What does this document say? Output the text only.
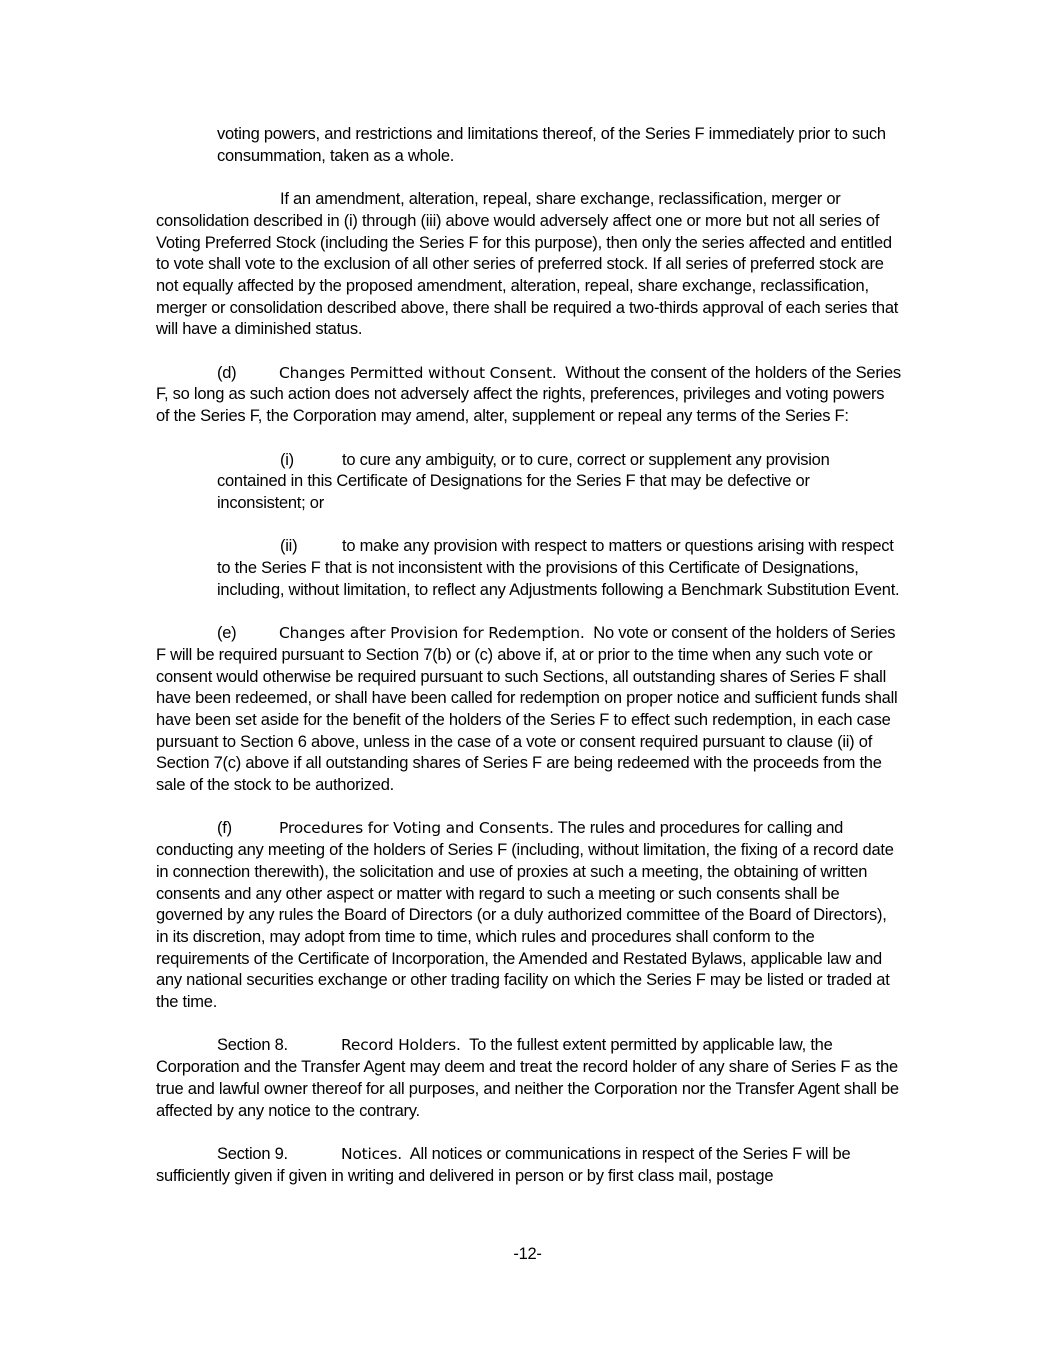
voting powers, and restrictions and limitations thereof, of the Series F immediately prior to such consummation, taken as a whole.

If an amendment, alteration, repeal, share exchange, reclassification, merger or consolidation described in (i) through (iii) above would adversely affect one or more but not all series of Voting Preferred Stock (including the Series F for this purpose), then only the series affected and entitled to vote shall vote to the exclusion of all other series of preferred stock. If all series of preferred stock are not equally affected by the proposed amendment, alteration, repeal, share exchange, reclassification, merger or consolidation described above, there shall be required a two-thirds approval of each series that will have a diminished status.

(d)	Changes Permitted without Consent. Without the consent of the holders of the Series F, so long as such action does not adversely affect the rights, preferences, privileges and voting powers of the Series F, the Corporation may amend, alter, supplement or repeal any terms of the Series F:

(i)	to cure any ambiguity, or to cure, correct or supplement any provision contained in this Certificate of Designations for the Series F that may be defective or inconsistent; or

(ii)	to make any provision with respect to matters or questions arising with respect to the Series F that is not inconsistent with the provisions of this Certificate of Designations, including, without limitation, to reflect any Adjustments following a Benchmark Substitution Event.

(e)	Changes after Provision for Redemption. No vote or consent of the holders of Series F will be required pursuant to Section 7(b) or (c) above if, at or prior to the time when any such vote or consent would otherwise be required pursuant to such Sections, all outstanding shares of Series F shall have been redeemed, or shall have been called for redemption on proper notice and sufficient funds shall have been set aside for the benefit of the holders of the Series F to effect such redemption, in each case pursuant to Section 6 above, unless in the case of a vote or consent required pursuant to clause (ii) of Section 7(c) above if all outstanding shares of Series F are being redeemed with the proceeds from the sale of the stock to be authorized.

(f)	Procedures for Voting and Consents. The rules and procedures for calling and conducting any meeting of the holders of Series F (including, without limitation, the fixing of a record date in connection therewith), the solicitation and use of proxies at such a meeting, the obtaining of written consents and any other aspect or matter with regard to such a meeting or such consents shall be governed by any rules the Board of Directors (or a duly authorized committee of the Board of Directors), in its discretion, may adopt from time to time, which rules and procedures shall conform to the requirements of the Certificate of Incorporation, the Amended and Restated Bylaws, applicable law and any national securities exchange or other trading facility on which the Series F may be listed or traded at the time.

Section 8.	Record Holders. To the fullest extent permitted by applicable law, the Corporation and the Transfer Agent may deem and treat the record holder of any share of Series F as the true and lawful owner thereof for all purposes, and neither the Corporation nor the Transfer Agent shall be affected by any notice to the contrary.

Section 9.	Notices. All notices or communications in respect of the Series F will be sufficiently given if given in writing and delivered in person or by first class mail, postage

-12-
